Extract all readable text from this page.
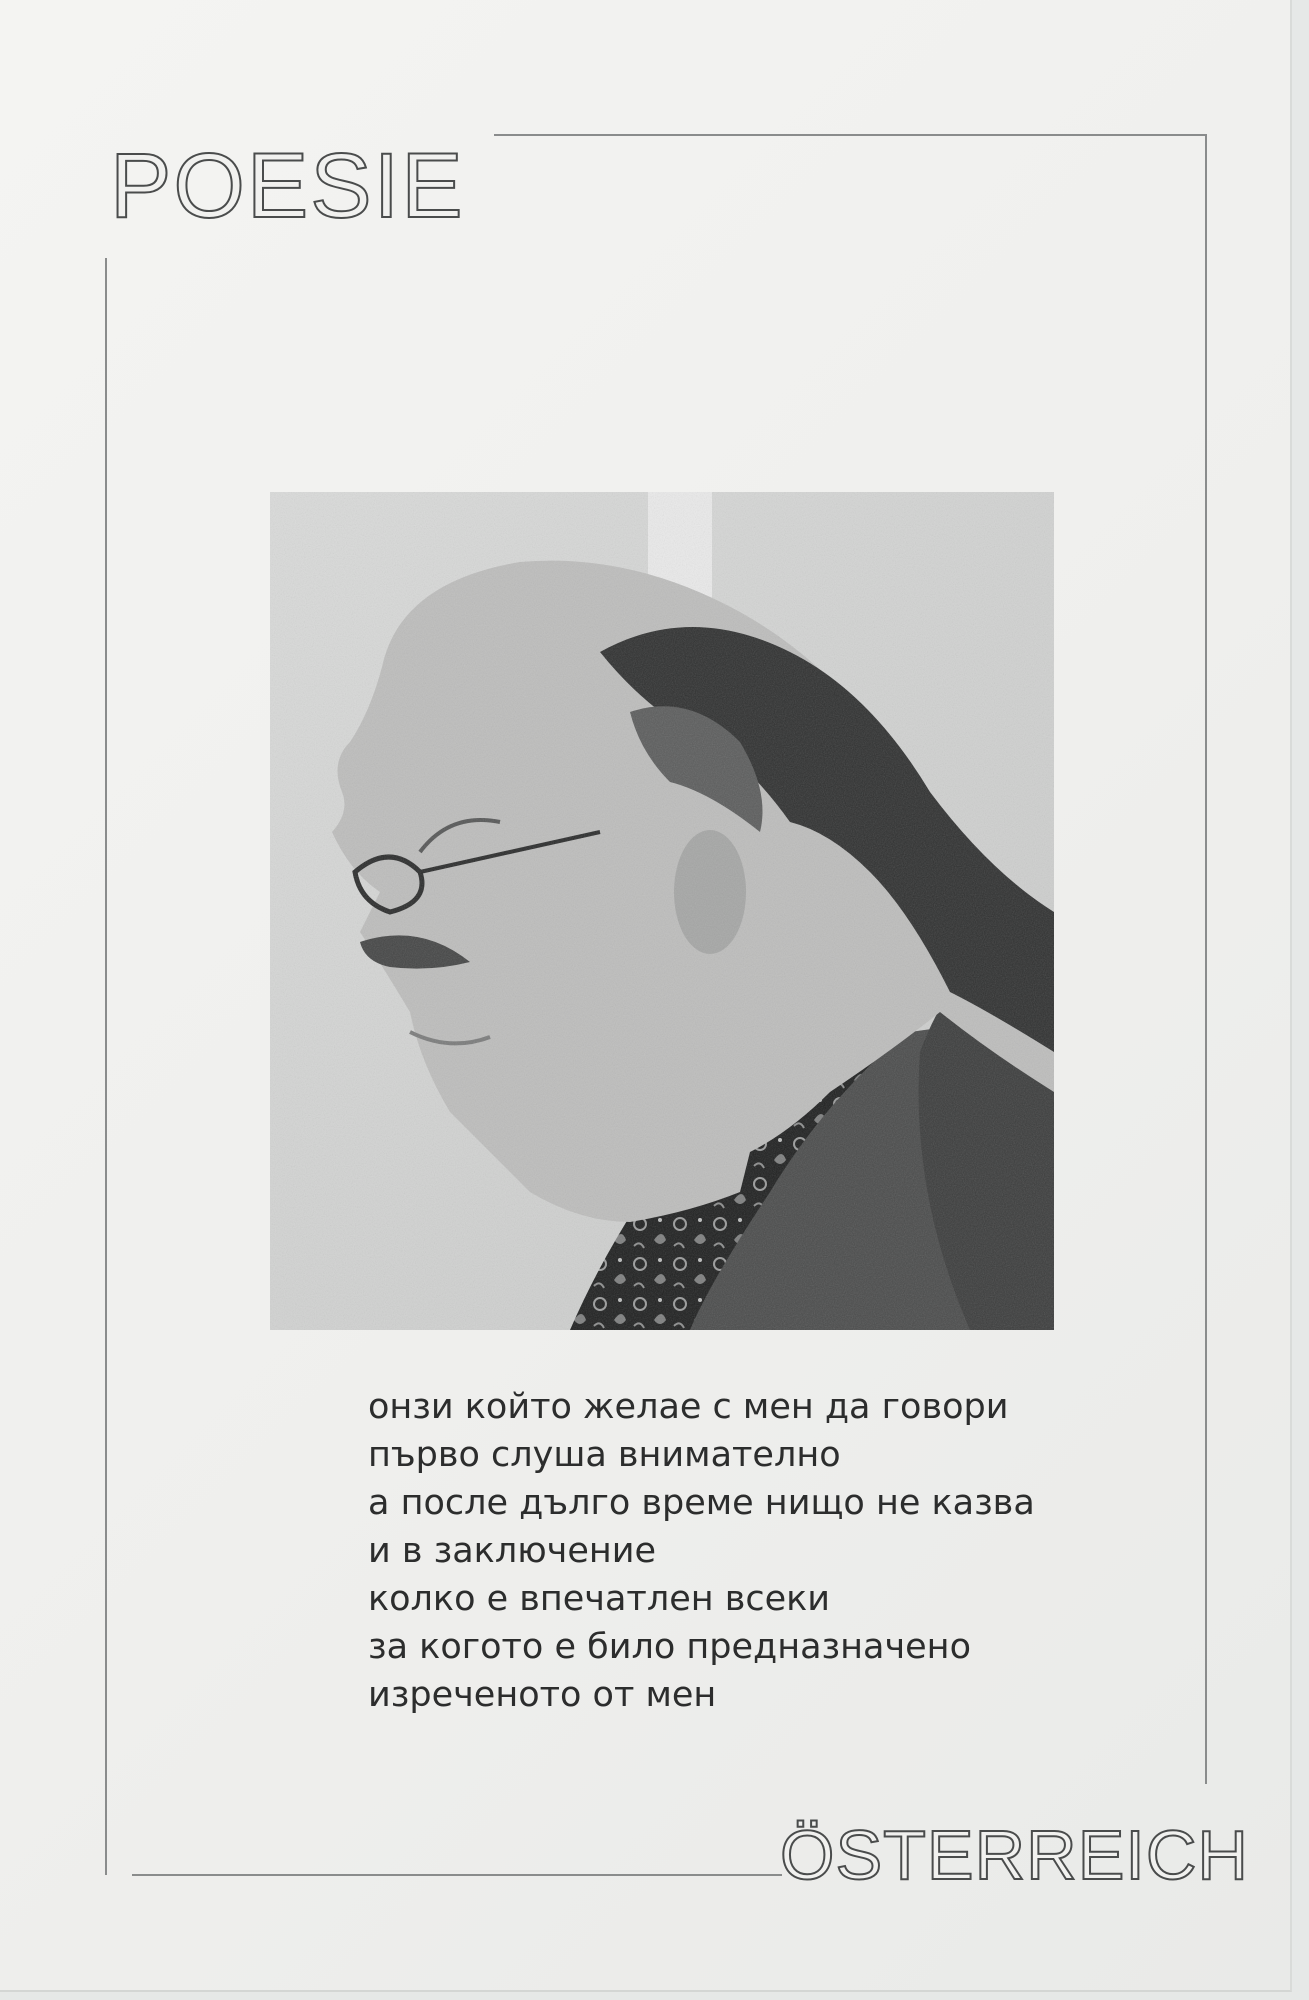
POESIE
онзи който желае с мен да говори
първо слуша внимателно
а после дълго време нищо не казва
и в заключение
колко е впечатлен всеки
за когото е било предназначено
изреченото от мен
ÖSTERREICH
